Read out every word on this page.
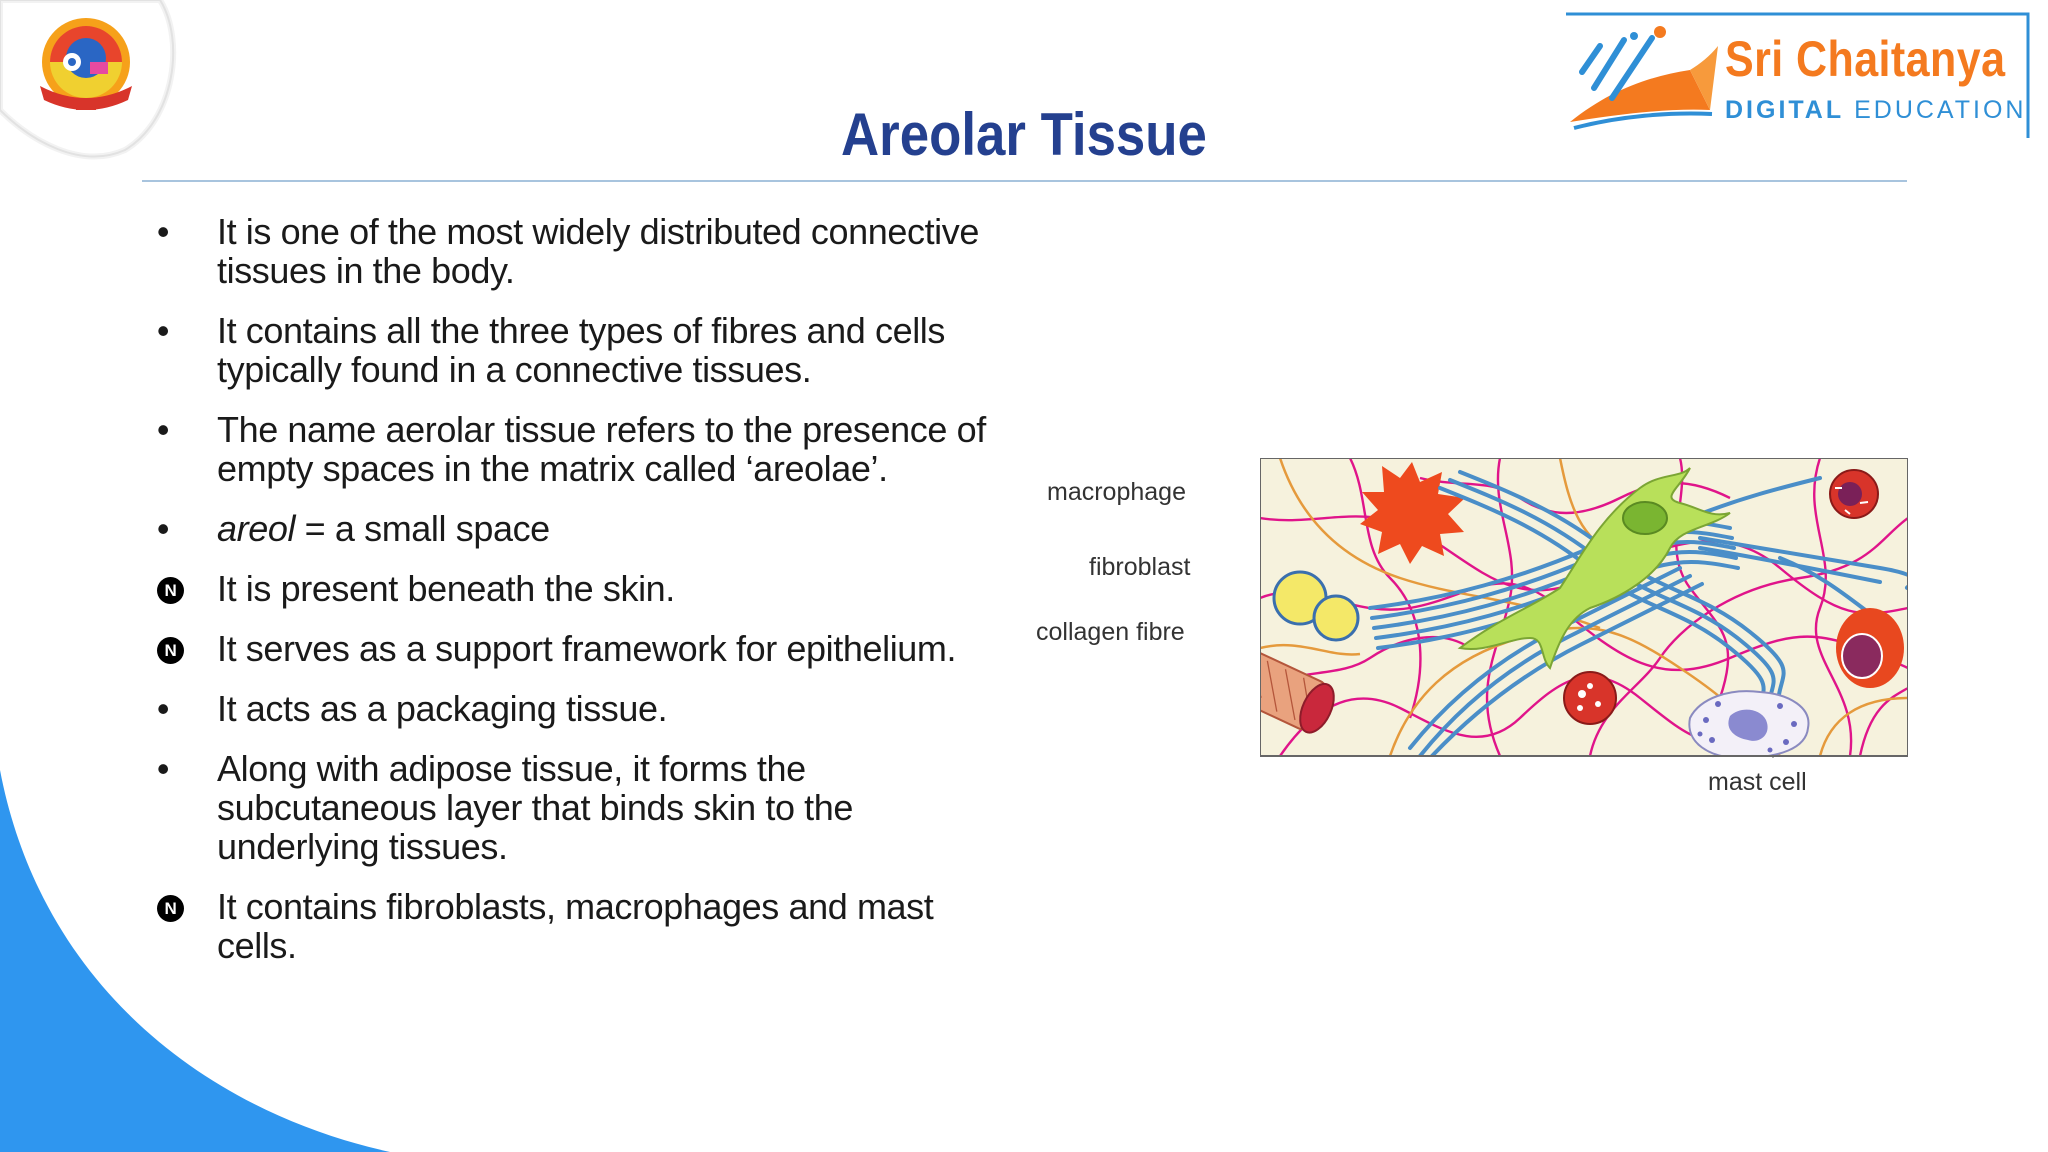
Sri Chaitanya
DIGITAL EDUCATION
Areolar Tissue
• It is one of the most widely distributed connective tissues in the body.
• It contains all the three types of fibres and cells typically found in a connective tissues.
• The name aerolar tissue refers to the presence of empty spaces in the matrix called ‘areolae’.
• areol = a small space
N It is present beneath the skin.
N It serves as a support framework for epithelium.
• It acts as a packaging tissue.
• Along with adipose tissue, it forms the subcutaneous layer that binds skin to the underlying tissues.
N It contains fibroblasts, macrophages and mast cells.
macrophage
fibroblast
collagen fibre
mast cell
